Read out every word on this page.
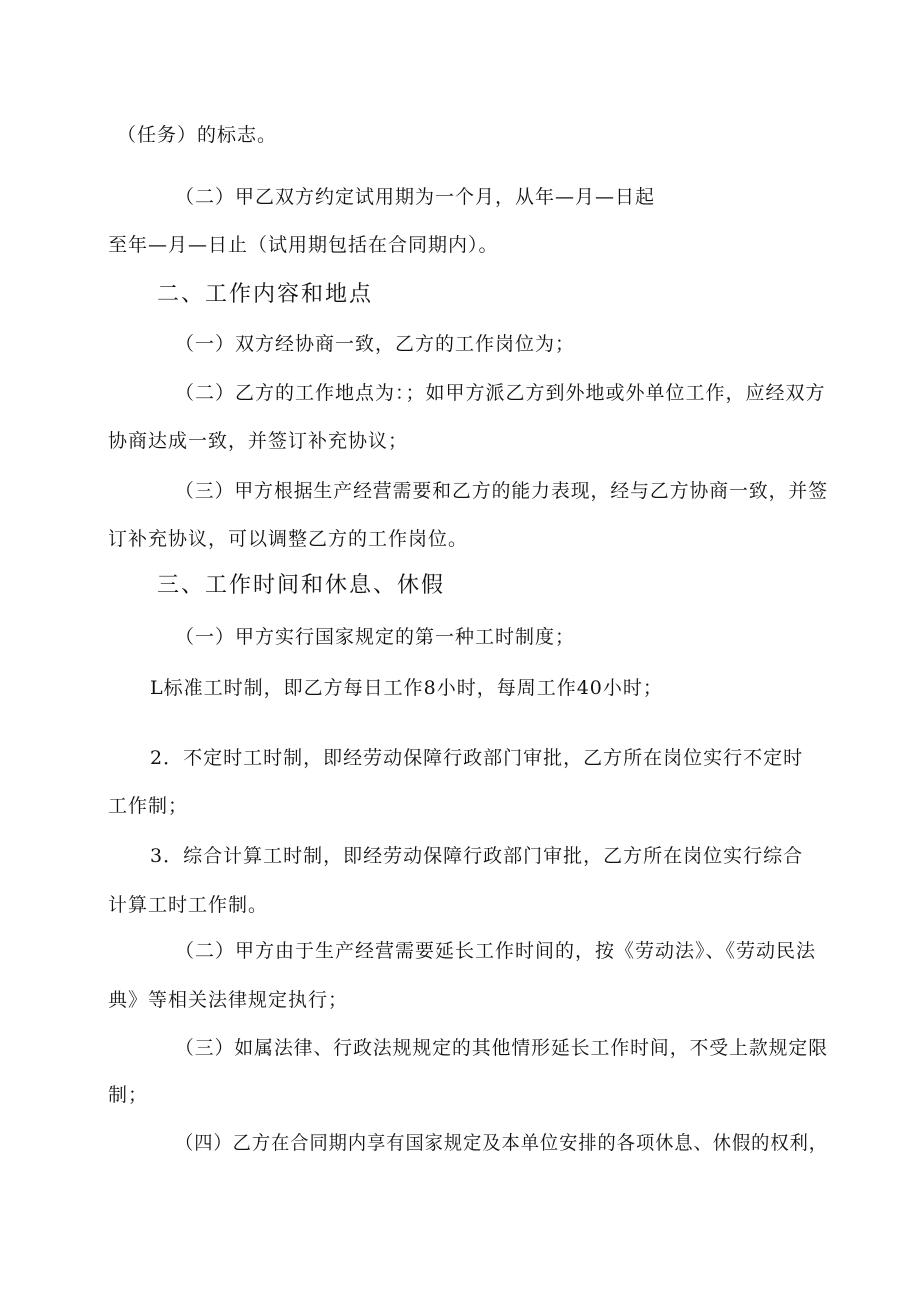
（任务）的标志。

（二）甲乙双方约定试用期为一个月，从年—月—日起

至年—月—日止（试用期包括在合同期内）。

二、工作内容和地点

（一）双方经协商一致，乙方的工作岗位为；

（二）乙方的工作地点为：；如甲方派乙方到外地或外单位工作，应经双方

协商达成一致，并签订补充协议；

（三）甲方根据生产经营需要和乙方的能力表现，经与乙方协商一致，并签

订补充协议，可以调整乙方的工作岗位。

三、工作时间和休息、休假

（一）甲方实行国家规定的第一种工时制度；

L标准工时制，即乙方每日工作8小时，每周工作40小时；

2．不定时工时制，即经劳动保障行政部门审批，乙方所在岗位实行不定时

工作制；

3．综合计算工时制，即经劳动保障行政部门审批，乙方所在岗位实行综合

计算工时工作制。

（二）甲方由于生产经营需要延长工作时间的，按《劳动法》、《劳动民法

典》等相关法律规定执行；

（三）如属法律、行政法规规定的其他情形延长工作时间，不受上款规定限

制；

（四）乙方在合同期内享有国家规定及本单位安排的各项休息、休假的权利，
